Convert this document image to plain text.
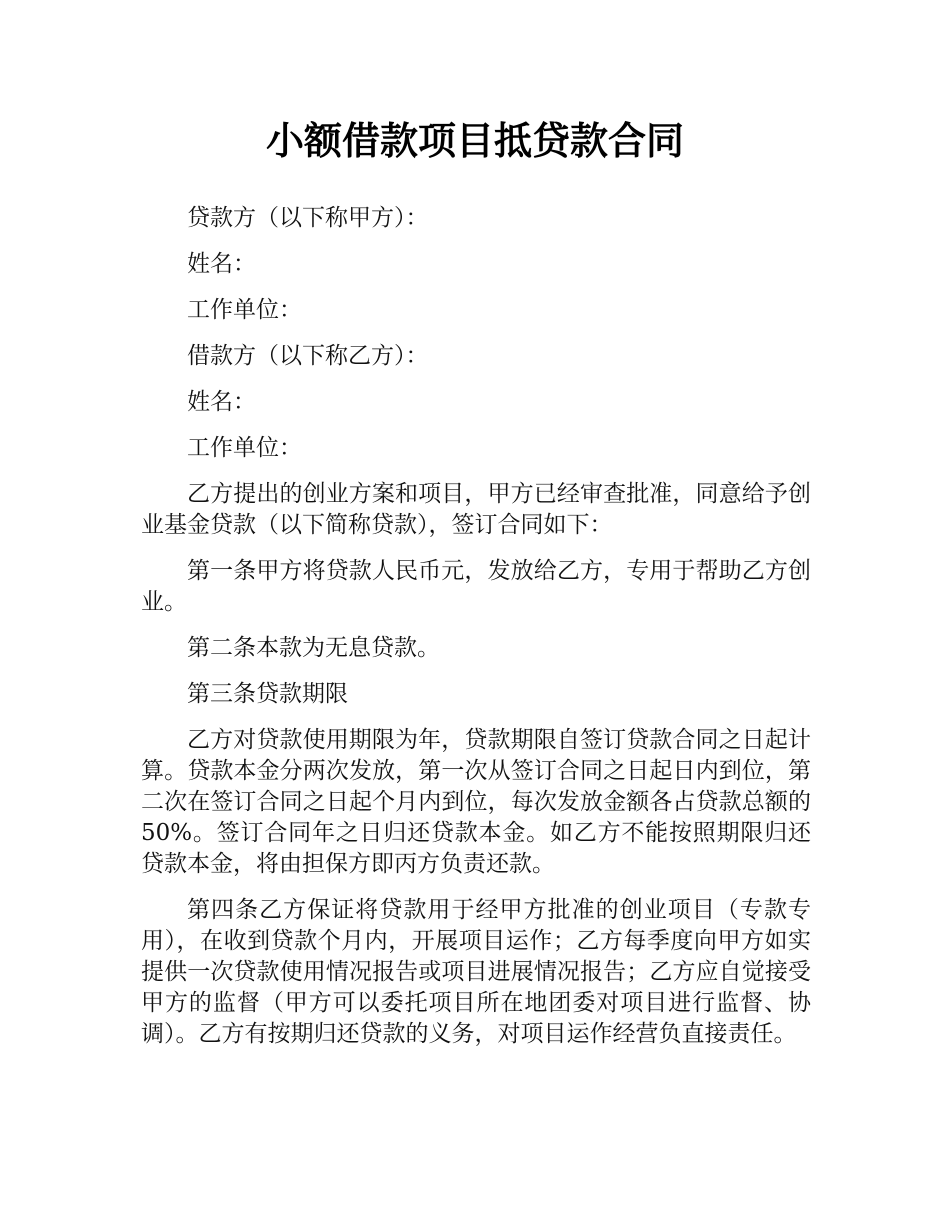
小额借款项目抵贷款合同

贷款方（以下称甲方）：

姓名：

工作单位：

借款方（以下称乙方）：

姓名：

工作单位：

乙方提出的创业方案和项目，甲方已经审查批准，同意给予创业基金贷款（以下简称贷款），签订合同如下：

第一条甲方将贷款人民币元，发放给乙方，专用于帮助乙方创业。

第二条本款为无息贷款。

第三条贷款期限

乙方对贷款使用期限为年，贷款期限自签订贷款合同之日起计算。贷款本金分两次发放，第一次从签订合同之日起日内到位，第二次在签订合同之日起个月内到位，每次发放金额各占贷款总额的50%。签订合同年之日归还贷款本金。如乙方不能按照期限归还贷款本金，将由担保方即丙方负责还款。

第四条乙方保证将贷款用于经甲方批准的创业项目（专款专用），在收到贷款个月内，开展项目运作；乙方每季度向甲方如实提供一次贷款使用情况报告或项目进展情况报告；乙方应自觉接受甲方的监督（甲方可以委托项目所在地团委对项目进行监督、协调）。乙方有按期归还贷款的义务，对项目运作经营负直接责任。
